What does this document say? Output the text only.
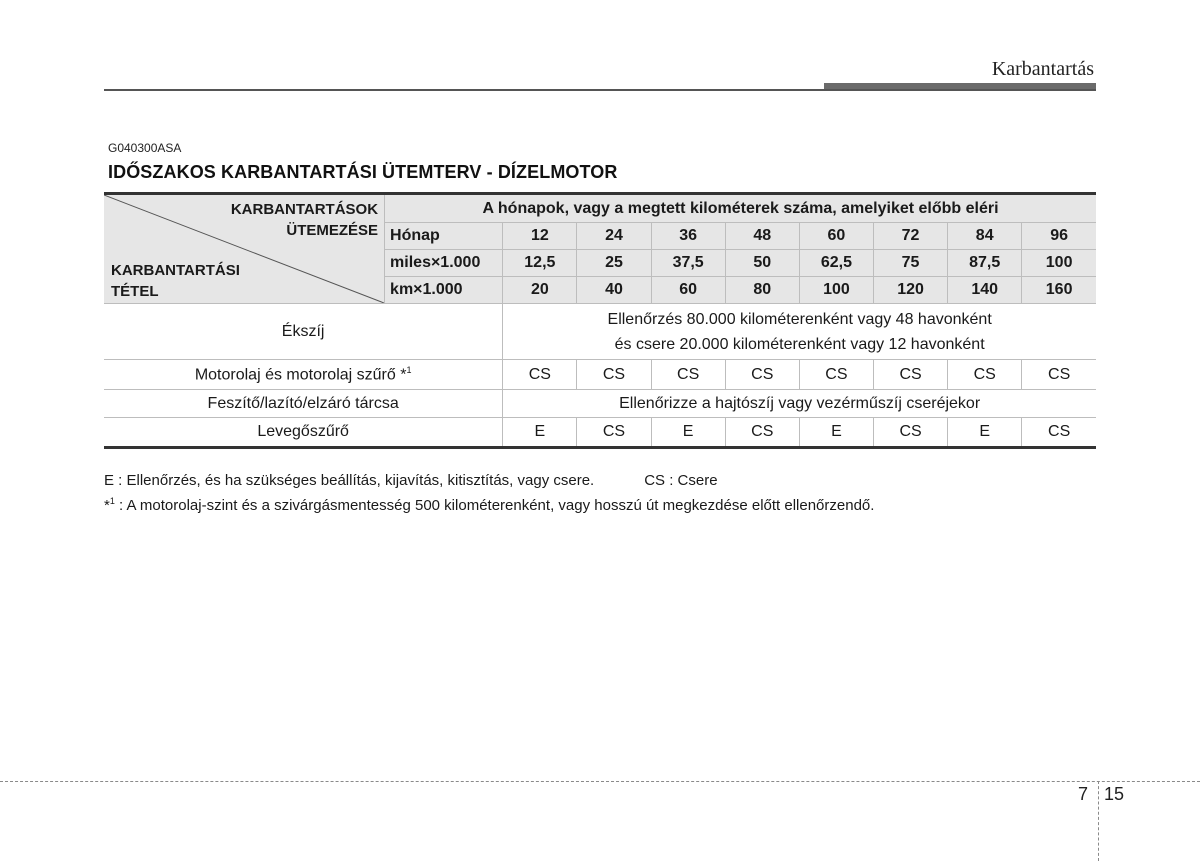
Karbantartás
G040300ASA
IDŐSZAKOS KARBANTARTÁSI ÜTEMTERV - DÍZELMOTOR
KARBANTARTÁSOK
ÜTEMEZÉSE
KARBANTARTÁSI
TÉTEL	A hónapok, vagy a megtett kilométerek száma, amelyiket előbb eléri								
	Hónap	12	24	36	48	60	72	84	96
	miles×1.000	12,5	25	37,5	50	62,5	75	87,5	100
	km×1.000	20	40	60	80	100	120	140	160
Ékszíj		Ellenőrzés 80.000 kilométerenként vagy 48 havonként
és csere 20.000 kilométerenként vagy 12 havonként							

Motorolaj és motorolaj szűrő *$^1$		CS	CS	CS	CS	CS	CS	CS	CS
Feszítő/lazító/elzáró tárcsa		Ellenőrizze a hajtószíj vagy vezérműszíj cseréjekor							
Levegőszűrő		E	CS	E	CS	E	CS	E	CS
E : Ellenőrzés, és ha szükséges beállítás, kijavítás, kitisztítás, vagy csere.	CS : Csere
*$^1$ : A motorolaj-szint és a szivárgásmentesség 500 kilométerenként, vagy hosszú út megkezdése előtt ellenőrzendő.
7 15
